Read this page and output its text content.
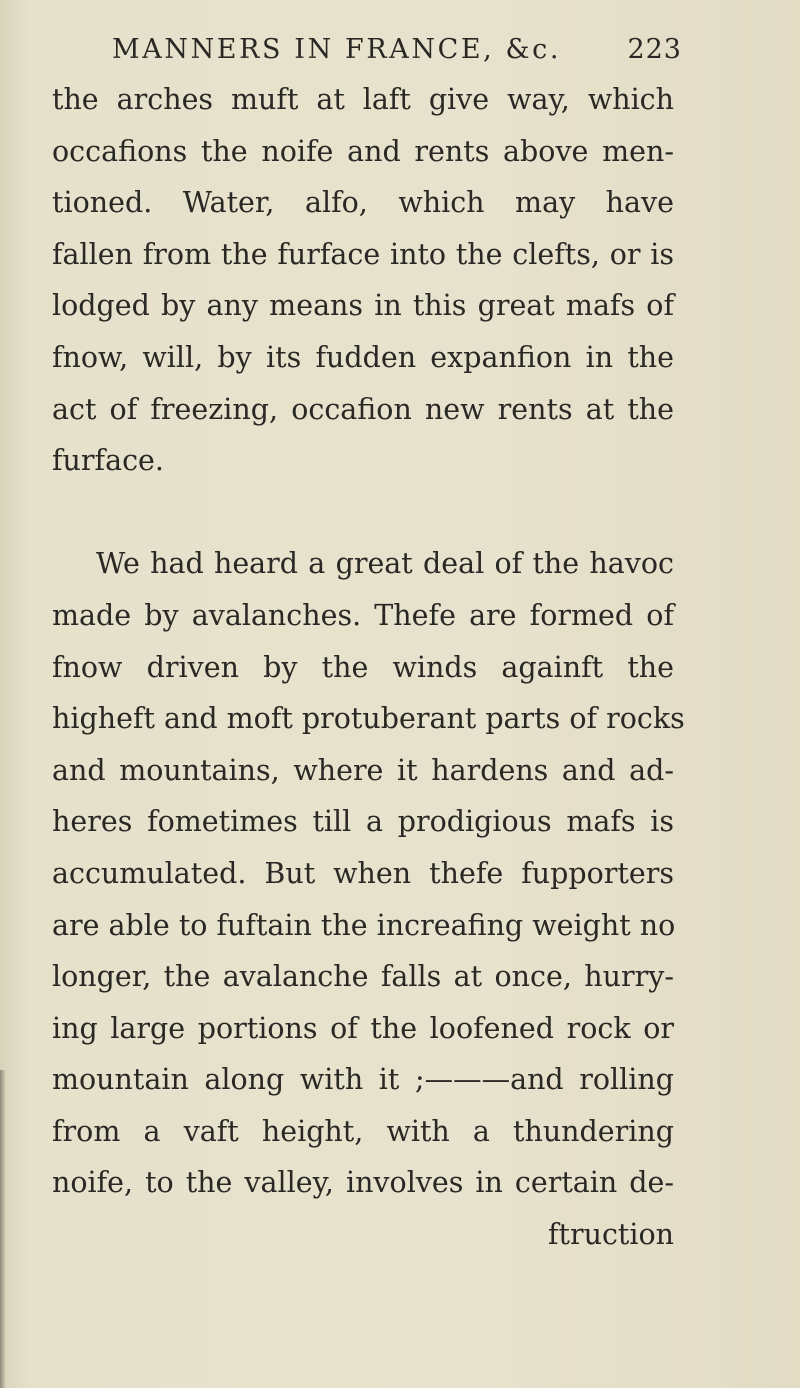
MANNERS IN FRANCE, &c. 223
the arches muft at laft give way, which
occafions the noife and rents above men-
tioned. Water, alfo, which may have
fallen from the furface into the clefts, or is
lodged by any means in this great mafs of
fnow, will, by its fudden expanfion in the
act of freezing, occafion new rents at the
furface.
We had heard a great deal of the havoc
made by avalanches. Thefe are formed of
fnow driven by the winds againft the
higheft and moft protuberant parts of rocks
and mountains, where it hardens and ad-
heres fometimes till a prodigious mafs is
accumulated. But when thefe fupporters
are able to fuftain the increafing weight no
longer, the avalanche falls at once, hurry-
ing large portions of the loofened rock or
mountain along with it ;———and rolling
from a vaft height, with a thundering
noife, to the valley, involves in certain de-
ftruction
